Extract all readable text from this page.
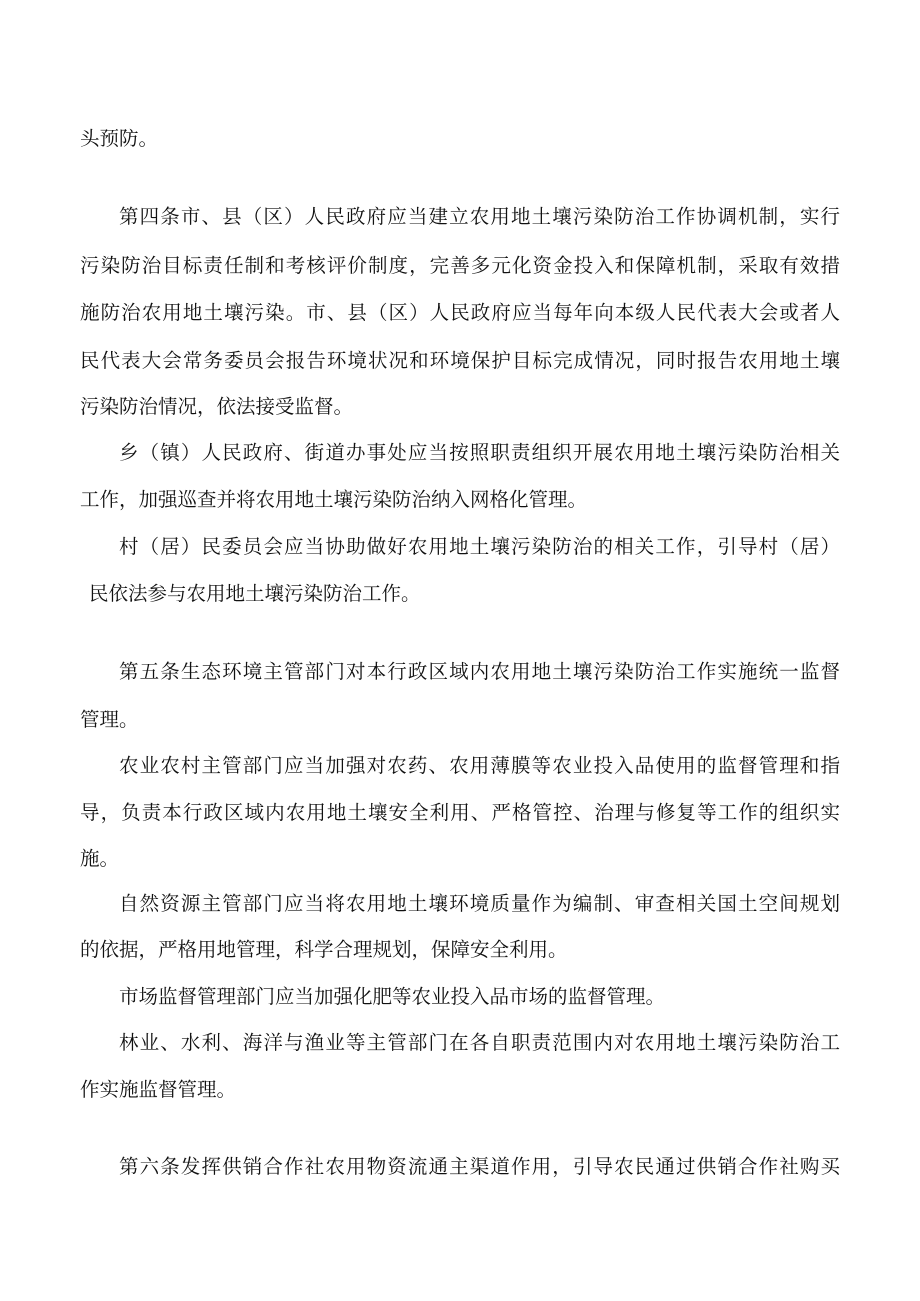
头预防。
第四条市、县（区）人民政府应当建立农用地土壤污染防治工作协调机制，实行
污染防治目标责任制和考核评价制度，完善多元化资金投入和保障机制，采取有效措
施防治农用地土壤污染。市、县（区）人民政府应当每年向本级人民代表大会或者人
民代表大会常务委员会报告环境状况和环境保护目标完成情况，同时报告农用地土壤
污染防治情况，依法接受监督。
乡（镇）人民政府、街道办事处应当按照职责组织开展农用地土壤污染防治相关
工作，加强巡查并将农用地土壤污染防治纳入网格化管理。
村（居）民委员会应当协助做好农用地土壤污染防治的相关工作，引导村（居）
民依法参与农用地土壤污染防治工作。
第五条生态环境主管部门对本行政区域内农用地土壤污染防治工作实施统一监督
管理。
农业农村主管部门应当加强对农药、农用薄膜等农业投入品使用的监督管理和指
导，负责本行政区域内农用地土壤安全利用、严格管控、治理与修复等工作的组织实
施。
自然资源主管部门应当将农用地土壤环境质量作为编制、审查相关国土空间规划
的依据，严格用地管理，科学合理规划，保障安全利用。
市场监督管理部门应当加强化肥等农业投入品市场的监督管理。
林业、水利、海洋与渔业等主管部门在各自职责范围内对农用地土壤污染防治工
作实施监督管理。
第六条发挥供销合作社农用物资流通主渠道作用，引导农民通过供销合作社购买
